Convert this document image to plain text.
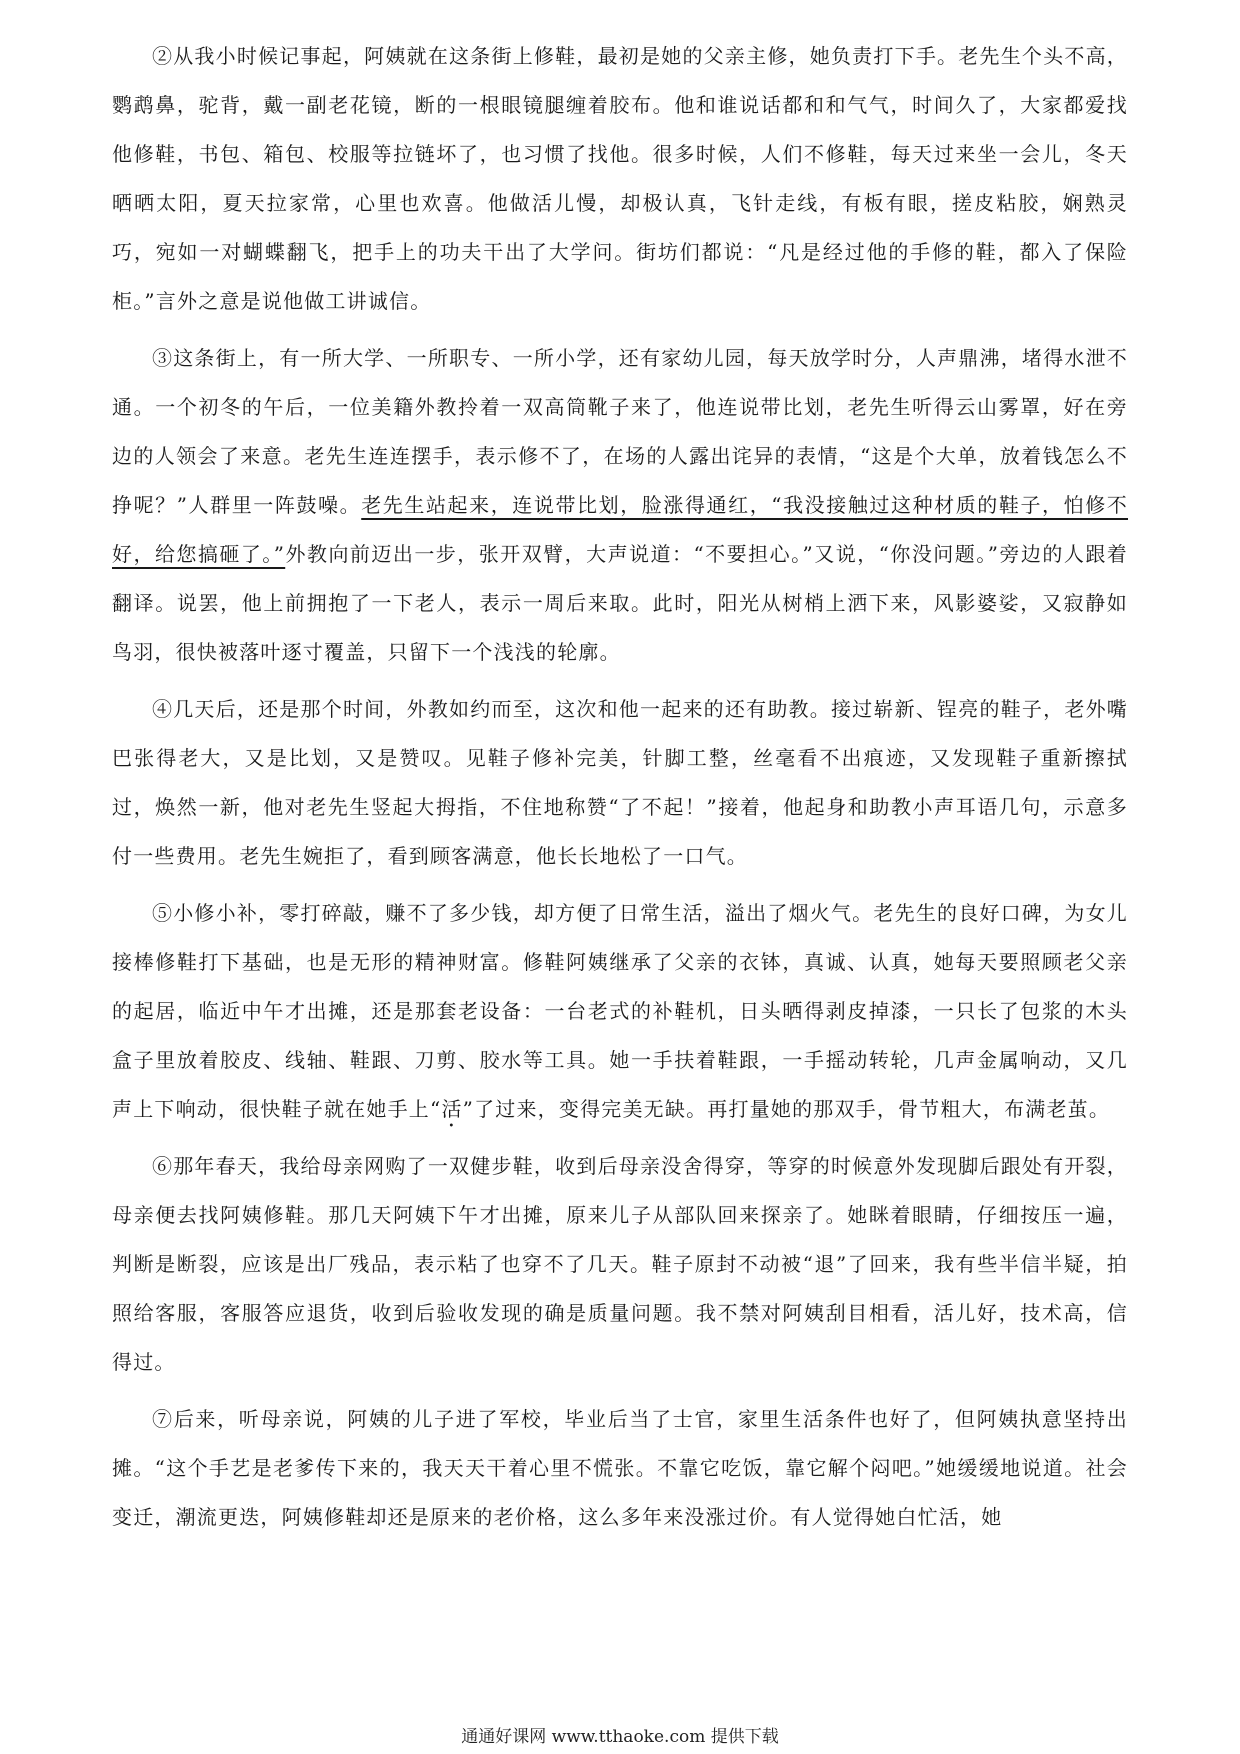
②从我小时候记事起，阿姨就在这条街上修鞋，最初是她的父亲主修，她负责打下手。老先生个头不高，鹦鹉鼻，驼背，戴一副老花镜，断的一根眼镜腿缠着胶布。他和谁说话都和和气气，时间久了，大家都爱找他修鞋，书包、箱包、校服等拉链坏了，也习惯了找他。很多时候，人们不修鞋，每天过来坐一会儿，冬天晒晒太阳，夏天拉家常，心里也欢喜。他做活儿慢，却极认真，飞针走线，有板有眼，搓皮粘胶，娴熟灵巧，宛如一对蝴蝶翻飞，把手上的功夫干出了大学问。街坊们都说：“凡是经过他的手修的鞋，都入了保险柜。”言外之意是说他做工讲诚信。

③这条街上，有一所大学、一所职专、一所小学，还有家幼儿园，每天放学时分，人声鼎沸，堵得水泄不通。一个初冬的午后，一位美籍外教拎着一双高筒靴子来了，他连说带比划，老先生听得云山雾罩，好在旁边的人领会了来意。老先生连连摆手，表示修不了，在场的人露出诧异的表情，“这是个大单，放着钱怎么不挣呢？”人群里一阵鼓噪。老先生站起来，连说带比划，脸涨得通红，“我没接触过这种材质的鞋子，怕修不好，给您搞砸了。”外教向前迈出一步，张开双臂，大声说道：“不要担心。”又说，“你没问题。”旁边的人跟着翻译。说罢，他上前拥抱了一下老人，表示一周后来取。此时，阳光从树梢上洒下来，风影婆娑，又寂静如鸟羽，很快被落叶逐寸覆盖，只留下一个浅浅的轮廓。

④几天后，还是那个时间，外教如约而至，这次和他一起来的还有助教。接过崭新、锃亮的鞋子，老外嘴巴张得老大，又是比划，又是赞叹。见鞋子修补完美，针脚工整，丝毫看不出痕迹，又发现鞋子重新擦拭过，焕然一新，他对老先生竖起大拇指，不住地称赞“了不起！”接着，他起身和助教小声耳语几句，示意多付一些费用。老先生婉拒了，看到顾客满意，他长长地松了一口气。

⑤小修小补，零打碎敲，赚不了多少钱，却方便了日常生活，溢出了烟火气。老先生的良好口碑，为女儿接棒修鞋打下基础，也是无形的精神财富。修鞋阿姨继承了父亲的衣钵，真诚、认真，她每天要照顾老父亲的起居，临近中午才出摊，还是那套老设备：一台老式的补鞋机，日头晒得剥皮掉漆，一只长了包浆的木头盒子里放着胶皮、线轴、鞋跟、刀剪、胶水等工具。她一手扶着鞋跟，一手摇动转轮，几声金属响动，又几声上下响动，很快鞋子就在她手上“活”了过来，变得完美无缺。再打量她的那双手，骨节粗大，布满老茧。

⑥那年春天，我给母亲网购了一双健步鞋，收到后母亲没舍得穿，等穿的时候意外发现脚后跟处有开裂，母亲便去找阿姨修鞋。那几天阿姨下午才出摊，原来儿子从部队回来探亲了。她眯着眼睛，仔细按压一遍，判断是断裂，应该是出厂残品，表示粘了也穿不了几天。鞋子原封不动被“退”了回来，我有些半信半疑，拍照给客服，客服答应退货，收到后验收发现的确是质量问题。我不禁对阿姨刮目相看，活儿好，技术高，信得过。

⑦后来，听母亲说，阿姨的儿子进了军校，毕业后当了士官，家里生活条件也好了，但阿姨执意坚持出摊。“这个手艺是老爹传下来的，我天天干着心里不慌张。不靠它吃饭，靠它解个闷吧。”她缓缓地说道。社会变迁，潮流更迭，阿姨修鞋却还是原来的老价格，这么多年来没涨过价。有人觉得她白忙活，她

通通好课网 www.tthaoke.com 提供下载
